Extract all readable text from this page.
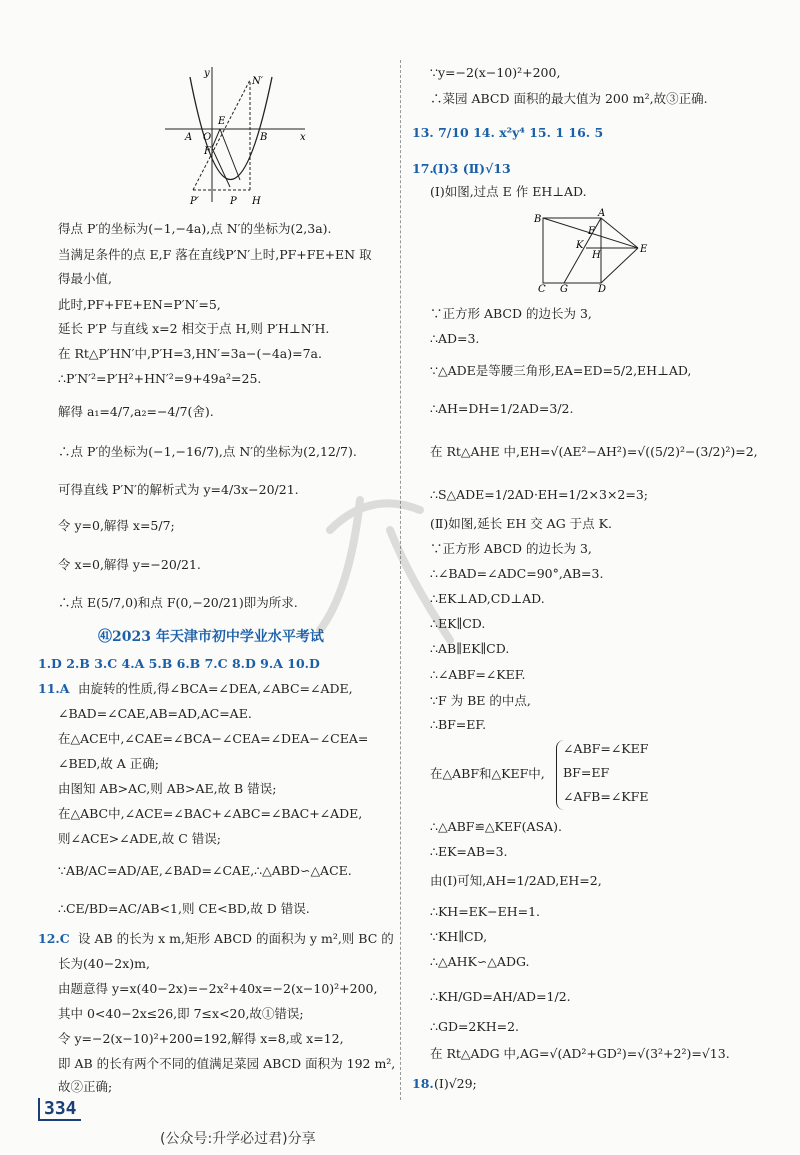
y
x
N′
E
O
A	B
F
P′	P H
得点 P′的坐标为(−1,−4a),点 N′的坐标为(2,3a).
当满足条件的点 E,F 落在直线P′N′上时,PF+FE+EN 取
得最小值,
此时,PF+FE+EN=P′N′=5,
延长 P′P 与直线 x=2 相交于点 H,则 P′H⊥N′H.
在 Rt△P′HN′中,P′H=3,HN′=3a−(−4a)=7a.
∴P′N′²=P′H²+HN′²=9+49a²=25.
解得 a₁=4/7,a₂=−4/7(舍).
∴点 P′的坐标为(−1,−16/7),点 N′的坐标为(2,12/7).
可得直线 P′N′的解析式为 y=4/3x−20/21.
令 y=0,解得 x=5/7;
令 x=0,解得 y=−20/21.
∴点 E(5/7,0)和点 F(0,−20/21)即为所求.
㊶2023 年天津市初中学业水平考试
1.D 2.B 3.C 4.A 5.B 6.B 7.C 8.D 9.A 10.D
11.A 由旋转的性质,得∠BCA=∠DEA,∠ABC=∠ADE,
∠BAD=∠CAE,AB=AD,AC=AE.
在△ACE中,∠CAE=∠BCA−∠CEA=∠DEA−∠CEA=
∠BED,故 A 正确;
由图知 AB>AC,则 AB>AE,故 B 错误;
在△ABC中,∠ACE=∠BAC+∠ABC=∠BAC+∠ADE,
则∠ACE>∠ADE,故 C 错误;
∵AB/AC=AD/AE,∠BAD=∠CAE,∴△ABD∽△ACE.
∴CE/BD=AC/AB<1,则 CE<BD,故 D 错误.
12.C 设 AB 的长为 x m,矩形 ABCD 的面积为 y m²,则 BC 的
长为(40−2x)m,
由题意得 y=x(40−2x)=−2x²+40x=−2(x−10)²+200,
其中 0<40−2x≤26,即 7≤x<20,故①错误;
令 y=−2(x−10)²+200=192,解得 x=8,或 x=12,
即 AB 的长有两个不同的值满足菜园 ABCD 面积为 192 m²,
故②正确;
∵y=−2(x−10)²+200,
∴菜园 ABCD 面积的最大值为 200 m²,故③正确.
13. 7/10 14. x²y⁴ 15. 1 16. 5
17.
(Ⅰ)3 (Ⅱ)√13
(Ⅰ)如图,过点 E 作 EH⊥AD.
B
A
F
K
H
E
C G	D
∵正方形 ABCD 的边长为 3,
∴AD=3.
∵△ADE是等腰三角形,EA=ED=5/2,EH⊥AD,
∴AH=DH=1/2AD=3/2.
在 Rt△AHE 中,EH=√(AE²−AH²)=√((5/2)²−(3/2)²)=2,
∴S△ADE=1/2AD·EH=1/2×3×2=3;
(Ⅱ)如图,延长 EH 交 AG 于点 K.
∵正方形 ABCD 的边长为 3,
∴∠BAD=∠ADC=90°,AB=3.
∴EK⊥AD,CD⊥AD.
∴EK∥CD.
∴AB∥EK∥CD.
∴∠ABF=∠KEF.
∵F 为 BE 的中点,
∴BF=EF.
在△ABF和△KEF中,
∠ABF=∠KEF
BF=EF
∠AFB=∠KFE
∴△ABF≌△KEF(ASA).
∴EK=AB=3.
由(Ⅰ)可知,AH=1/2AD,EH=2,
∴KH=EK−EH=1.
∵KH∥CD,
∴△AHK∽△ADG.
∴KH/GD=AH/AD=1/2.
∴GD=2KH=2.
在 Rt△ADG 中,AG=√(AD²+GD²)=√(3²+2²)=√13.
18. (Ⅰ)√29;
334
(公众号:升学必过君)分享
